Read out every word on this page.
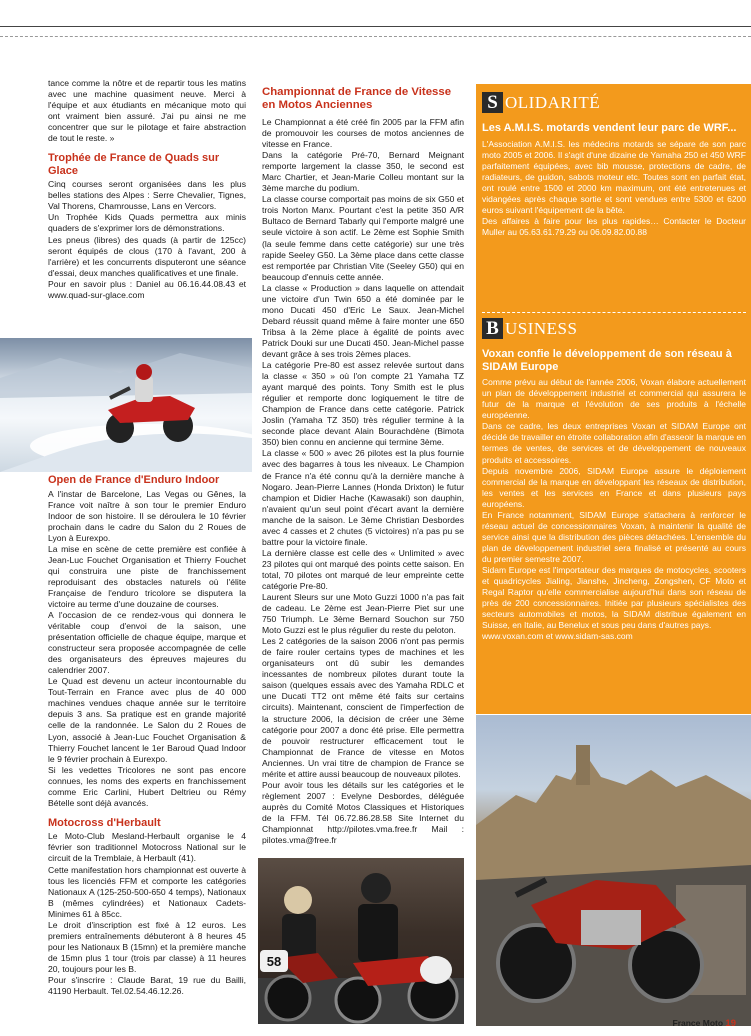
tance comme la nôtre et de repartir tous les matins avec une machine quasiment neuve. Merci à l'équipe et aux étudiants en mécanique moto qui ont vraiment bien assuré. J'ai pu ainsi ne me concentrer que sur le pilotage et faire abstraction de tout le reste. »

Trophée de France de Quads sur Glace

Cinq courses seront organisées dans les plus belles stations des Alpes : Serre Chevalier, Tignes, Val Thorens, Chamrousse, Lans en Vercors.

Un Trophée Kids Quads permettra aux minis quaders de s'exprimer lors de démonstrations.

Les pneus (libres) des quads (à partir de 125cc) seront équipés de clous (170 à l'avant, 200 à l'arrière) et les concurrents disputeront une séance d'essai, deux manches qualificatives et une finale.

Pour en savoir plus : Daniel au 06.16.44.08.43 et www.quad-sur-glace.com

Open de France d'Enduro Indoor

A l'instar de Barcelone, Las Vegas ou Gênes, la France voit naître à son tour le premier Enduro Indoor de son histoire. Il se déroulera le 10 février prochain dans le cadre du Salon du 2 Roues de Lyon à Eurexpo.

La mise en scène de cette première est confiée à Jean-Luc Fouchet Organisation et Thierry Fouchet qui construira une piste de franchissement reproduisant des obstacles naturels où l'élite Française de l'enduro tricolore se disputera la victoire au terme d'une douzaine de courses.

A l'occasion de ce rendez-vous qui donnera le véritable coup d'envoi de la saison, une présentation officielle de chaque équipe, marque et constructeur sera proposée accompagnée de celle des organisateurs des épreuves majeures du calendrier 2007.

Le Quad est devenu un acteur incontournable du Tout-Terrain en France avec plus de 40 000 machines vendues chaque année sur le territoire depuis 3 ans. Sa pratique est en grande majorité celle de la randonnée. Le Salon du 2 Roues de Lyon, associé à Jean-Luc Fouchet Organisation & Thierry Fouchet lancent le 1er Baroud Quad Indoor le 9 février prochain à Eurexpo.

Si les vedettes Tricolores ne sont pas encore connues, les noms des experts en franchissement comme Eric Carlini, Hubert Deltrieu ou Rémy Bételle sont déjà avancés.

Motocross d'Herbault

Le Moto-Club Mesland-Herbault organise le 4 février son traditionnel Motocross National sur le circuit de la Tremblaie, à Herbault (41).

Cette manifestation hors championnat est ouverte à tous les licenciés FFM et comporte les catégories Nationaux A (125-250-500-650 4 temps), Nationaux B (mêmes cylindrées) et Nationaux Cadets-Minimes 61 à 85cc.

Le droit d'inscription est fixé à 12 euros. Les premiers entraînements débuteront à 8 heures 45 pour les Nationaux B (15mn) et la première manche de 15mn plus 1 tour (trois par classe) à 11 heures 20, toujours pour les B.

Pour s'inscrire : Claude Barat, 19 rue du Bailli, 41190 Herbault. Tel.02.54.46.12.26.

Championnat de France de Vitesse en Motos Anciennes

Le Championnat a été créé fin 2005 par la FFM afin de promouvoir les courses de motos anciennes de vitesse en France.

Dans la catégorie Pré-70, Bernard Meignant remporte largement la classe 350, le second est Marc Chartier, et Jean-Marie Colleu montant sur la 3ème marche du podium.

La classe course comportait pas moins de six G50 et trois Norton Manx. Pourtant c'est la petite 350 A/R Bultaco de Bernard Tabarly qui l'emporte malgré une seule victoire à son actif. Le 2ème est Sophie Smith (la seule femme dans cette catégorie) sur une très rapide Seeley G50. La 3ème place dans cette classe est remportée par Christian Vite (Seeley G50) qui en beaucoup d'ennuis cette année.

La classe « Production » dans laquelle on attendait une victoire d'un Twin 650 a été dominée par le mono Ducati 450 d'Eric Le Saux. Jean-Michel Debard réussit quand même à faire monter une 650 Tribsa à la 2ème place à égalité de points avec Patrick Douki sur une Ducati 450. Jean-Michel passe devant grâce à ses trois 2èmes places.

La catégorie Pre-80 est assez relevée surtout dans la classe « 350 » où l'on compte 21 Yamaha TZ ayant marqué des points. Tony Smith est le plus régulier et remporte donc logiquement le titre de Champion de France dans cette catégorie. Patrick Joslin (Yamaha TZ 350) très régulier termine à la seconde place devant Alain Bourachdène (Bimota 350) bien connu en ancienne qui termine 3ème.

La classe « 500 » avec 26 pilotes est la plus fournie avec des bagarres à tous les niveaux. Le Champion de France n'a été connu qu'à la dernière manche à Nogaro. Jean-Pierre Lannes (Honda Drixton) le futur champion et Didier Hache (Kawasaki) son dauphin, n'avaient qu'un seul point d'écart avant la dernière manche de la saison. Le 3ème Christian Desbordes avec 4 casses et 2 chutes (5 victoires) n'a pas pu se battre pour la victoire finale.

La dernière classe est celle des « Unlimited » avec 23 pilotes qui ont marqué des points cette saison. En total, 70 pilotes ont marqué de leur empreinte cette catégorie Pre-80.

Laurent Sleurs sur une Moto Guzzi 1000 n'a pas fait de cadeau. Le 2ème est Jean-Pierre Piet sur une 750 Triumph. Le 3ème Bernard Souchon sur 750 Moto Guzzi est le plus régulier du reste du peloton.

Les 2 catégories de la saison 2006 n'ont pas permis de faire rouler certains types de machines et les organisateurs ont dû subir les demandes incessantes de nombreux pilotes durant toute la saison (quelques essais avec des Yamaha RDLC et une Ducati TT2 ont même été faits sur certains circuits). Maintenant, conscient de l'imperfection de la structure 2006, la décision de créer une 3ème catégorie pour 2007 a donc été prise. Elle permettra de pouvoir restructurer efficacement tout le Championnat de France de vitesse en Motos Anciennes. Un vrai titre de champion de France se mérite et attire aussi beaucoup de nouveaux pilotes.

Pour avoir tous les détails sur les catégories et le règlement 2007 : Evelyne Desbordes, déléguée auprès du Comité Motos Classiques et Historiques de la FFM. Tél 06.72.86.28.58 Site Internet du Championnat http://pilotes.vma.free.fr Mail : pilotes.vma@free.fr

58
S OLIDARITÉ
Les A.M.I.S. motards vendent leur parc de WRF...

L'Association A.M.I.S. les médecins motards se sépare de son parc moto 2005 et 2006. Il s'agit d'une dizaine de Yamaha 250 et 450 WRF parfaitement équipées, avec bib mousse, protections de cadre, de radiateurs, de guidon, sabots moteur etc. Toutes sont en parfait état, ont roulé entre 1500 et 2000 km maximum, ont été entretenues et vidangées après chaque sortie et sont vendues entre 5300 et 6200 euros suivant l'équipement de la bête.

Des affaires à faire pour les plus rapides… Contacter le Docteur Muller au 05.63.61.79.29 ou 06.09.82.00.88

B USINESS
Voxan confie le développement de son réseau à SIDAM Europe

Comme prévu au début de l'année 2006, Voxan élabore actuellement un plan de développement industriel et commercial qui assurera le futur de la marque et l'évolution de ses produits à l'échelle européenne.

Dans ce cadre, les deux entreprises Voxan et SIDAM Europe ont décidé de travailler en étroite collaboration afin d'asseoir la marque en termes de ventes, de services et de développement de nouveaux produits et accessoires.

Depuis novembre 2006, SIDAM Europe assure le déploiement commercial de la marque en développant les réseaux de distribution, les ventes et les services en France et dans plusieurs pays européens.

En France notamment, SIDAM Europe s'attachera à renforcer le réseau actuel de concessionnaires Voxan, à maintenir la qualité de service ainsi que la distribution des pièces détachées. L'ensemble du plan de développement industriel sera finalisé et présenté au cours du premier semestre 2007.

Sidam Europe est l'importateur des marques de motocycles, scooters et quadricycles Jialing, Jianshe, Jincheng, Zongshen, CF Moto et Regal Raptor qu'elle commercialise aujourd'hui dans son réseau de près de 200 concessionnaires. Initiée par plusieurs spécialistes des secteurs automobiles et motos, la SIDAM distribue également en Suisse, en Italie, au Benelux et sous peu dans d'autres pays.

www.voxan.com et www.sidam-sas.com

France Moto 19
